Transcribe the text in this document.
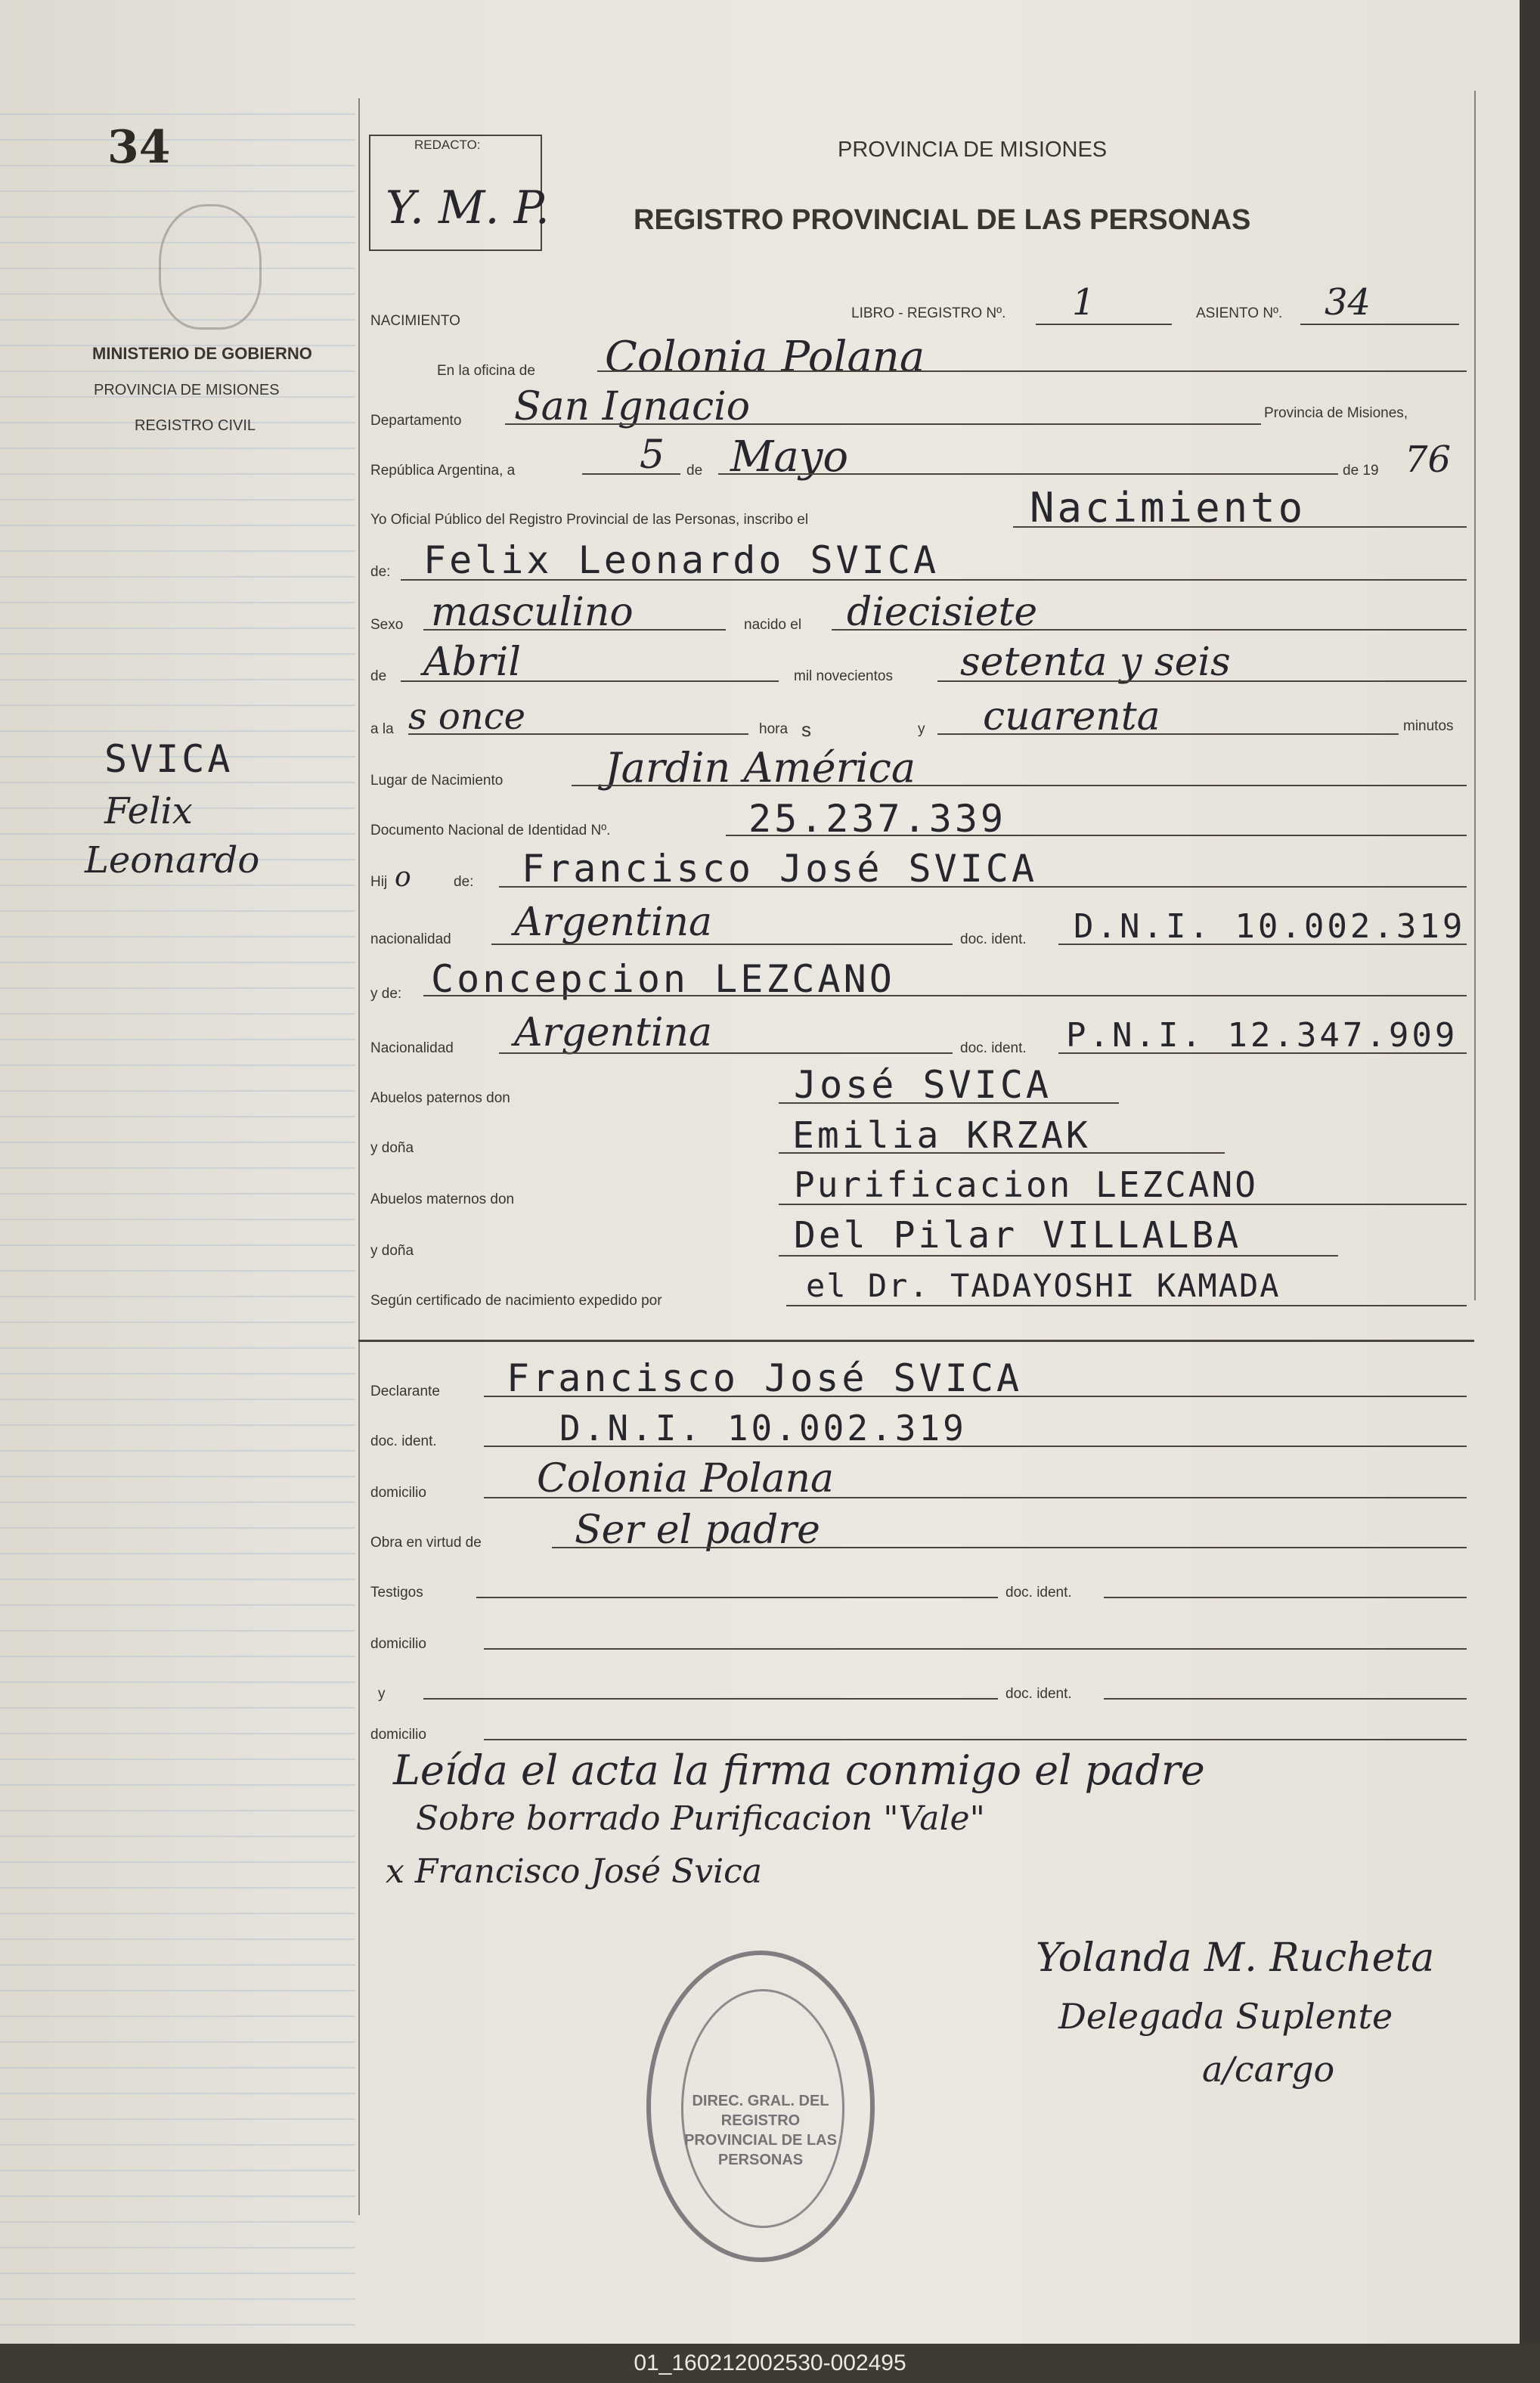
34
MINISTERIO DE GOBIERNO
PROVINCIA DE MISIONES
REGISTRO CIVIL
SVICA
Felix
Leonardo
REDACTO:
Y. M. P.
PROVINCIA DE MISIONES
REGISTRO PROVINCIAL DE LAS PERSONAS
NACIMIENTO	LIBRO - REGISTRO Nº. 1	ASIENTO Nº. 34
En la oficina de Colonia Polana
Departamento San Ignacio	Provincia de Misiones,
República Argentina, a	5 de Mayo	de 19 76
Yo Oficial Público del Registro Provincial de las Personas, inscribo el	Nacimiento
de: Felix Leonardo SVICA
Sexo masculino	nacido el diecisiete
de Abril	mil novecientos setenta y seis
a la s once	hora s	y cuarenta	minutos
Lugar de Nacimiento Jardin América
Documento Nacional de Identidad Nº.	25.237.339
Hij o	de: Francisco José SVICA
nacionalidad Argentina	doc. ident. D.N.I. 10.002.319
y de: Concepcion LEZCANO
Nacionalidad Argentina	doc. ident. P.N.I. 12.347.909
Abuelos paternos don	José SVICA
y doña	Emilia KRZAK
Abuelos maternos don	Purificacion LEZCANO
y doña	Del Pilar VILLALBA
Según certificado de nacimiento expedido por	el Dr. TADAYOSHI KAMADA
Declarante Francisco José SVICA
doc. ident.	D.N.I. 10.002.319
domicilio	Colonia Polana
Obra en virtud de Ser el padre
Testigos	doc. ident.
domicilio
y	doc. ident.
domicilio
Leída el acta la firma conmigo el padre
Sobre borrado Purificacion "Vale"
x Francisco José Svica
DIREC. GRAL. DEL REGISTRO PROVINCIAL DE LAS PERSONAS
Yolanda M. Rucheta
Delegada Suplente
a/cargo
01_160212002530-002495
